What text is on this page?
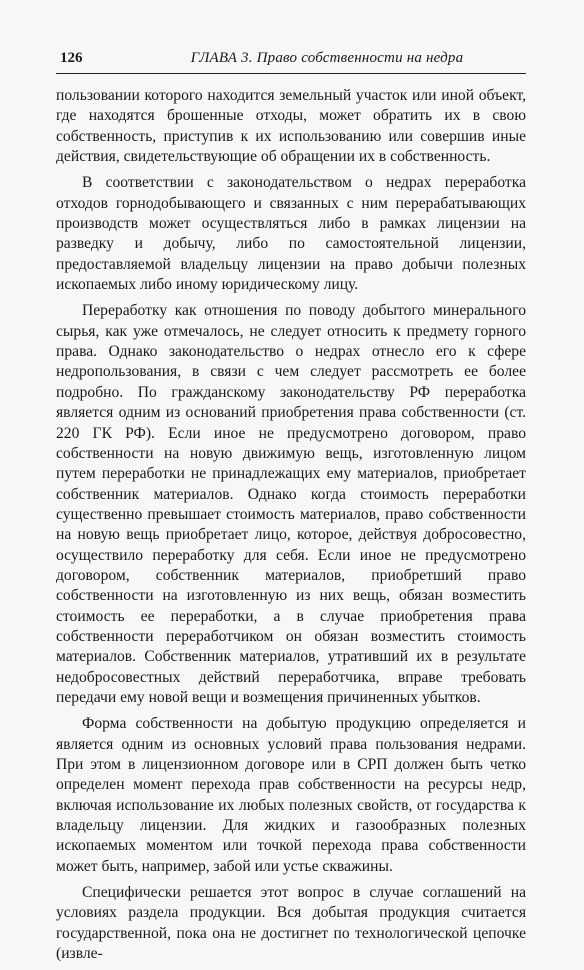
126	ГЛАВА 3. Право собственности на недра

пользовании которого находится земельный участок или иной объект, где находятся брошенные отходы, может обратить их в свою собственность, приступив к их использованию или совершив иные действия, свидетельствующие об обращении их в собственность.

В соответствии с законодательством о недрах переработка отходов горнодобывающего и связанных с ним перерабатывающих производств может осуществляться либо в рамках лицензии на разведку и добычу, либо по самостоятельной лицензии, предоставляемой владельцу лицензии на право добычи полезных ископаемых либо иному юридическому лицу.

Переработку как отношения по поводу добытого минерального сырья, как уже отмечалось, не следует относить к предмету горного права. Однако законодательство о недрах отнесло его к сфере недропользования, в связи с чем следует рассмотреть ее более подробно. По гражданскому законодательству РФ переработка является одним из оснований приобретения права собственности (ст. 220 ГК РФ). Если иное не предусмотрено договором, право собственности на новую движимую вещь, изготовленную лицом путем переработки не принадлежащих ему материалов, приобретает собственник материалов. Однако когда стоимость переработки существенно превышает стоимость материалов, право собственности на новую вещь приобретает лицо, которое, действуя добросовестно, осуществило переработку для себя. Если иное не предусмотрено договором, собственник материалов, приобретший право собственности на изготовленную из них вещь, обязан возместить стоимость ее переработки, а в случае приобретения права собственности переработчиком он обязан возместить стоимость материалов. Собственник материалов, утративший их в результате недобросовестных действий переработчика, вправе требовать передачи ему новой вещи и возмещения причиненных убытков.

Форма собственности на добытую продукцию определяется и является одним из основных условий права пользования недрами. При этом в лицензионном договоре или в СРП должен быть четко определен момент перехода прав собственности на ресурсы недр, включая использование их любых полезных свойств, от государства к владельцу лицензии. Для жидких и газообразных полезных ископаемых моментом или точкой перехода права собственности может быть, например, забой или устье скважины.

Специфически решается этот вопрос в случае соглашений на условиях раздела продукции. Вся добытая продукция считается государственной, пока она не достигнет по технологической цепочке (извле-
